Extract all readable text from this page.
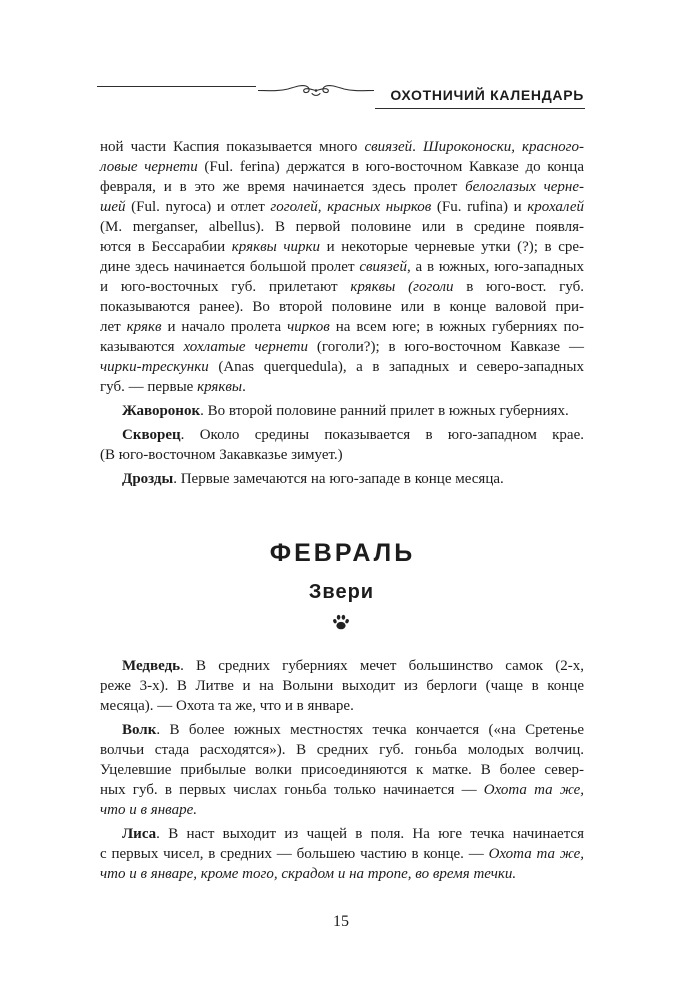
ОХОТНИЧИЙ КАЛЕНДАРЬ
ной части Каспия показывается много свиязей. Широконоски, красного-
ловые чернети (Ful. ferina) держатся в юго-восточном Кавказе до конца
февраля, и в это же время начинается здесь пролет белоглазых черне-
шей (Ful. nyroca) и отлет гоголей, красных нырков (Fu. rufina) и крохалей
(M. merganser, albellus). В первой половине или в средине появля-
ются в Бессарабии кряквы чирки и некоторые черневые утки (?); в сре-
дине здесь начинается большой пролет свиязей, а в южных, юго-западных
и юго-восточных губ. прилетают кряквы (гоголи в юго-вост. губ.
показываются ранее). Во второй половине или в конце валовой при-
лет крякв и начало пролета чирков на всем юге; в южных губерниях по-
казываются хохлатые чернети (гоголи?); в юго-восточном Кавказе —
чирки-трескунки (Anas querquedula), а в западных и северо-западных
губ. — первые кряквы.
Жаворонок. Во второй половине ранний прилет в южных губерниях.
Скворец. Около средины показывается в юго-западном крае.
(В юго-восточном Закавказье зимует.)
Дрозды. Первые замечаются на юго-западе в конце месяца.
ФЕВРАЛЬ
Звери
Медведь. В средних губерниях мечет большинство самок (2-х,
реже 3-х). В Литве и на Волыни выходит из берлоги (чаще в конце
месяца). — Охота та же, что и в январе.
Волк. В более южных местностях течка кончается («на Сретенье
волчьи стада расходятся»). В средних губ. гоньба молодых волчиц.
Уцелевшие прибылые волки присоединяются к матке. В более север-
ных губ. в первых числах гоньба только начинается — Охота та же,
что и в январе.
Лиса. В наст выходит из чащей в поля. На юге течка начинается
с первых чисел, в средних — большею частию в конце. — Охота та же,
что и в январе, кроме того, скрадом и на тропе, во время течки.
15
